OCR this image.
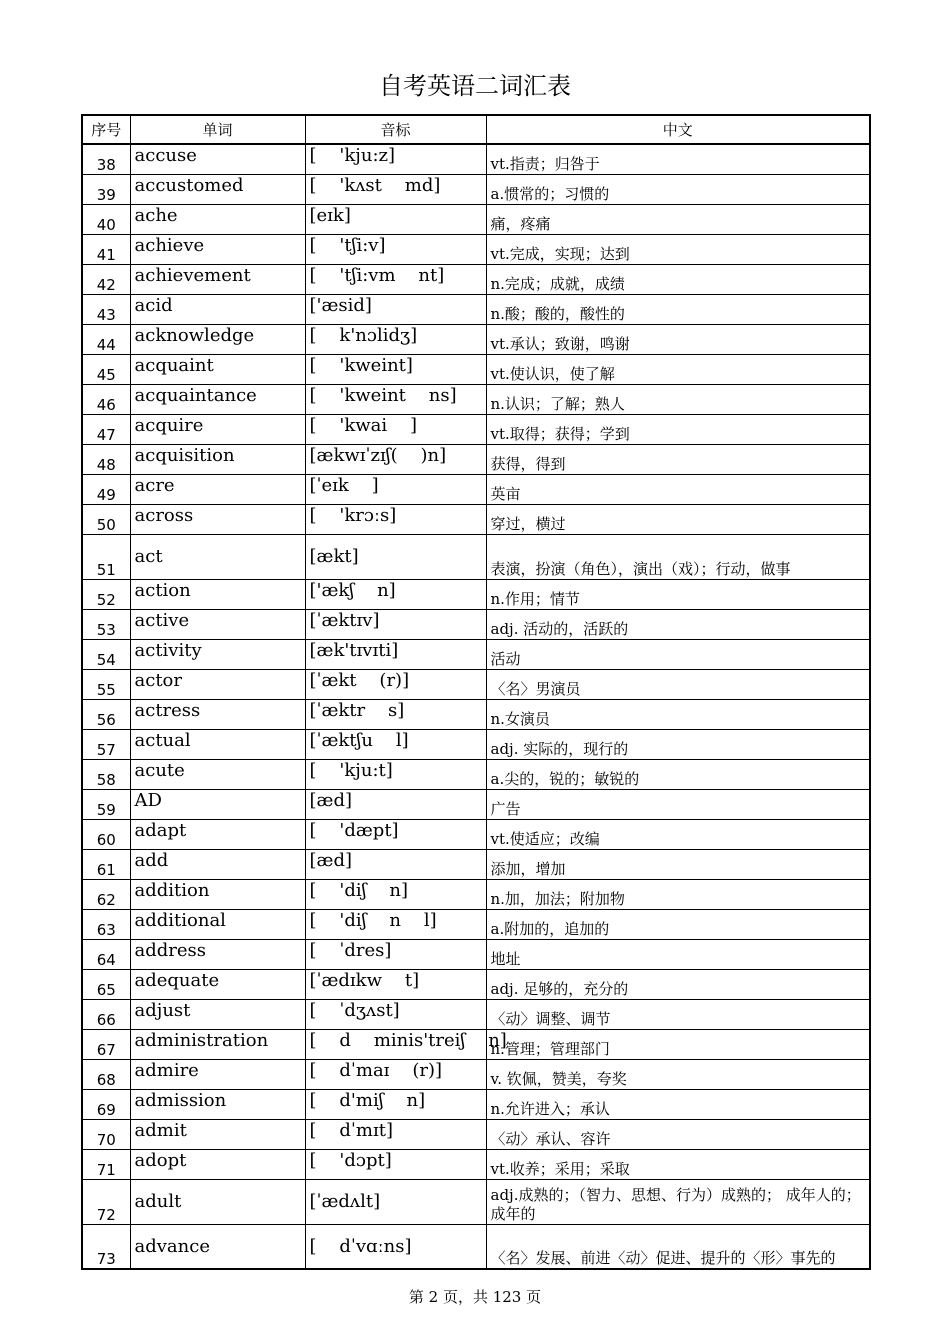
自考英语二词汇表
序号	单词	音标	中文
38	accuse	[    'kju:z]	vt.指责；归咎于
39	accustomed	[    'kʌst    md]	a.惯常的；习惯的
40	ache	[eɪk]	痛，疼痛
41	achieve	[    'tʃi:v]	vt.完成，实现；达到
42	achievement	[    'tʃi:vm    nt]	n.完成；成就，成绩
43	acid	['æsid]	n.酸；酸的，酸性的
44	acknowledge	[    k'nɔlidʒ]	vt.承认；致谢，鸣谢
45	acquaint	[    'kweint]	vt.使认识，使了解
46	acquaintance	[    'kweint    ns]	n.认识；了解；熟人
47	acquire	[    'kwai    ]	vt.取得；获得；学到
48	acquisition	[ækwɪˈzɪʃ(    )n]	获得，得到
49	acre	[ˈeɪk    ]	英亩
50	across	[    'krɔːs]	穿过，横过
51	act	[ækt]	表演，扮演（角色），演出（戏）；行动，做事
52	action	['ækʃ    n]	n.作用；情节
53	active	[ˈæktɪv]	adj. 活动的，活跃的
54	activity	[æk'tɪvɪti]	活动
55	actor	[ˈækt    (r)]	〈名〉男演员
56	actress	[ˈæktr    s]	n.女演员
57	actual	[ˈæktʃu    l]	adj. 实际的，现行的
58	acute	[    'kju:t]	a.尖的，锐的；敏锐的
59	AD	[æd]	广告
60	adapt	[    'dæpt]	vt.使适应；改编
61	add	[æd]	添加，增加
62	addition	[    'diʃ    n]	n.加，加法；附加物
63	additional	[    'diʃ    n    l]	a.附加的，追加的
64	address	[    ˈdres]	地址
65	adequate	[ˈædɪkw    t]	adj. 足够的，充分的
66	adjust	[    ˈdʒʌst]	〈动〉调整、调节
67	administration	[    d    minis'treiʃ    n]	n.管理；管理部门
68	admire	[    dˈmaɪ    (r)]	v. 钦佩，赞美，夸奖
69	admission	[    d'miʃ    n]	n.允许进入；承认
70	admit	[    dˈmɪt]	〈动〉承认、容许
71	adopt	[    'dɔpt]	vt.收养；采用；采取
72	adult	[ˈædʌlt]	adj.成熟的；（智力、思想、行为）成熟的； 成年人的； 成年的
73	advance	[    dˈvɑːns]	〈名〉发展、前进〈动〉促进、提升的〈形〉事先的
第 2 页，共 123 页
